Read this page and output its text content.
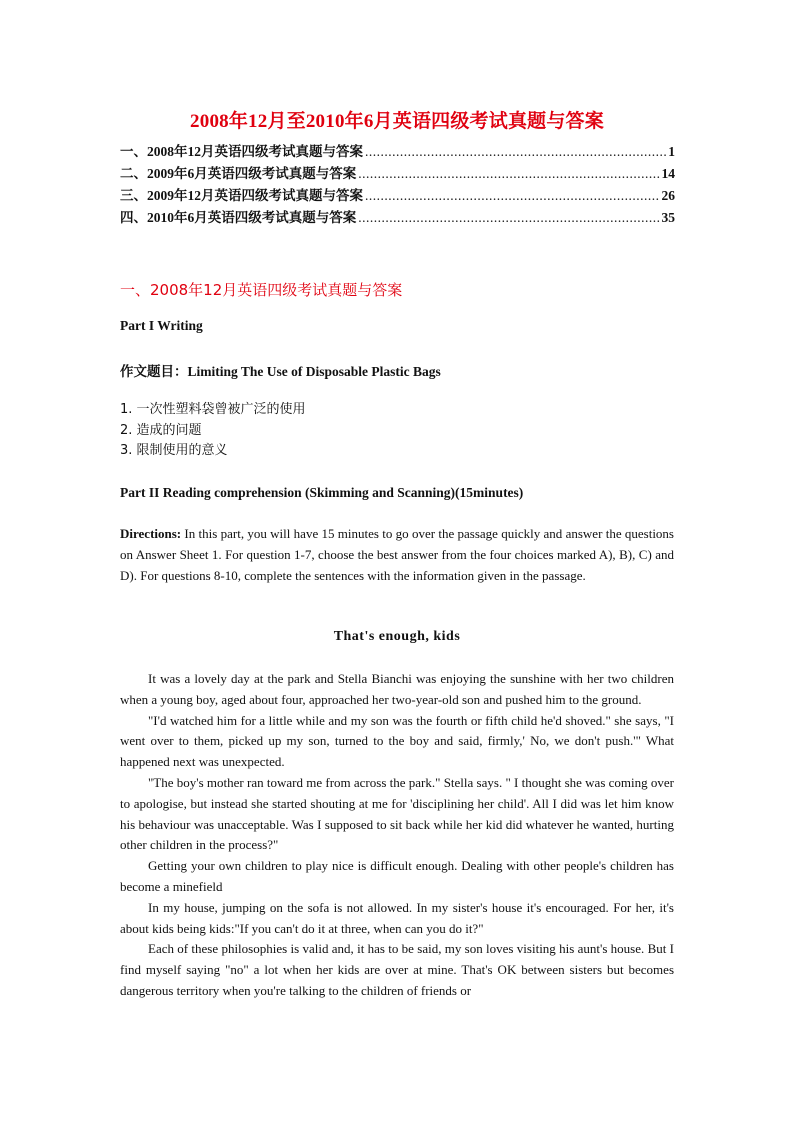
2008年12月至2010年6月英语四级考试真题与答案
一、2008年12月英语四级考试真题与答案 .....	1
二、2009年6月英语四级考试真题与答案 .....	14
三、2009年12月英语四级考试真题与答案 .....	26
四、2010年6月英语四级考试真题与答案 .....	35
一、2008年12月英语四级考试真题与答案
Part I Writing
作文题目：Limiting The Use of Disposable Plastic Bags
1. 一次性塑料袋曾被广泛的使用
2. 造成的问题
3. 限制使用的意义
Part II Reading comprehension (Skimming and Scanning)(15minutes)
Directions: In this part, you will have 15 minutes to go over the passage quickly and answer the questions on Answer Sheet 1. For question 1-7, choose the best answer from the four choices marked A), B), C) and D). For questions 8-10, complete the sentences with the information given in the passage.
That's enough, kids

It was a lovely day at the park and Stella Bianchi was enjoying the sunshine with her two children when a young boy, aged about four, approached her two-year-old son and pushed him to the ground.

"I'd watched him for a little while and my son was the fourth or fifth child he'd shoved." she says, "I went over to them, picked up my son, turned to the boy and said, firmly,' No, we don't push.'" What happened next was unexpected.

"The boy's mother ran toward me from across the park." Stella says. " I thought she was coming over to apologise, but instead she started shouting at me for 'disciplining her child'. All I did was let him know his behaviour was unacceptable. Was I supposed to sit back while her kid did whatever he wanted, hurting other children in the process?"

Getting your own children to play nice is difficult enough. Dealing with other people's children has become a minefield

In my house, jumping on the sofa is not allowed. In my sister's house it's encouraged. For her, it's about kids being kids:"If you can't do it at three, when can you do it?"

Each of these philosophies is valid and, it has to be said, my son loves visiting his aunt's house. But I find myself saying "no" a lot when her kids are over at mine. That's OK between sisters but becomes dangerous territory when you're talking to the children of friends or
